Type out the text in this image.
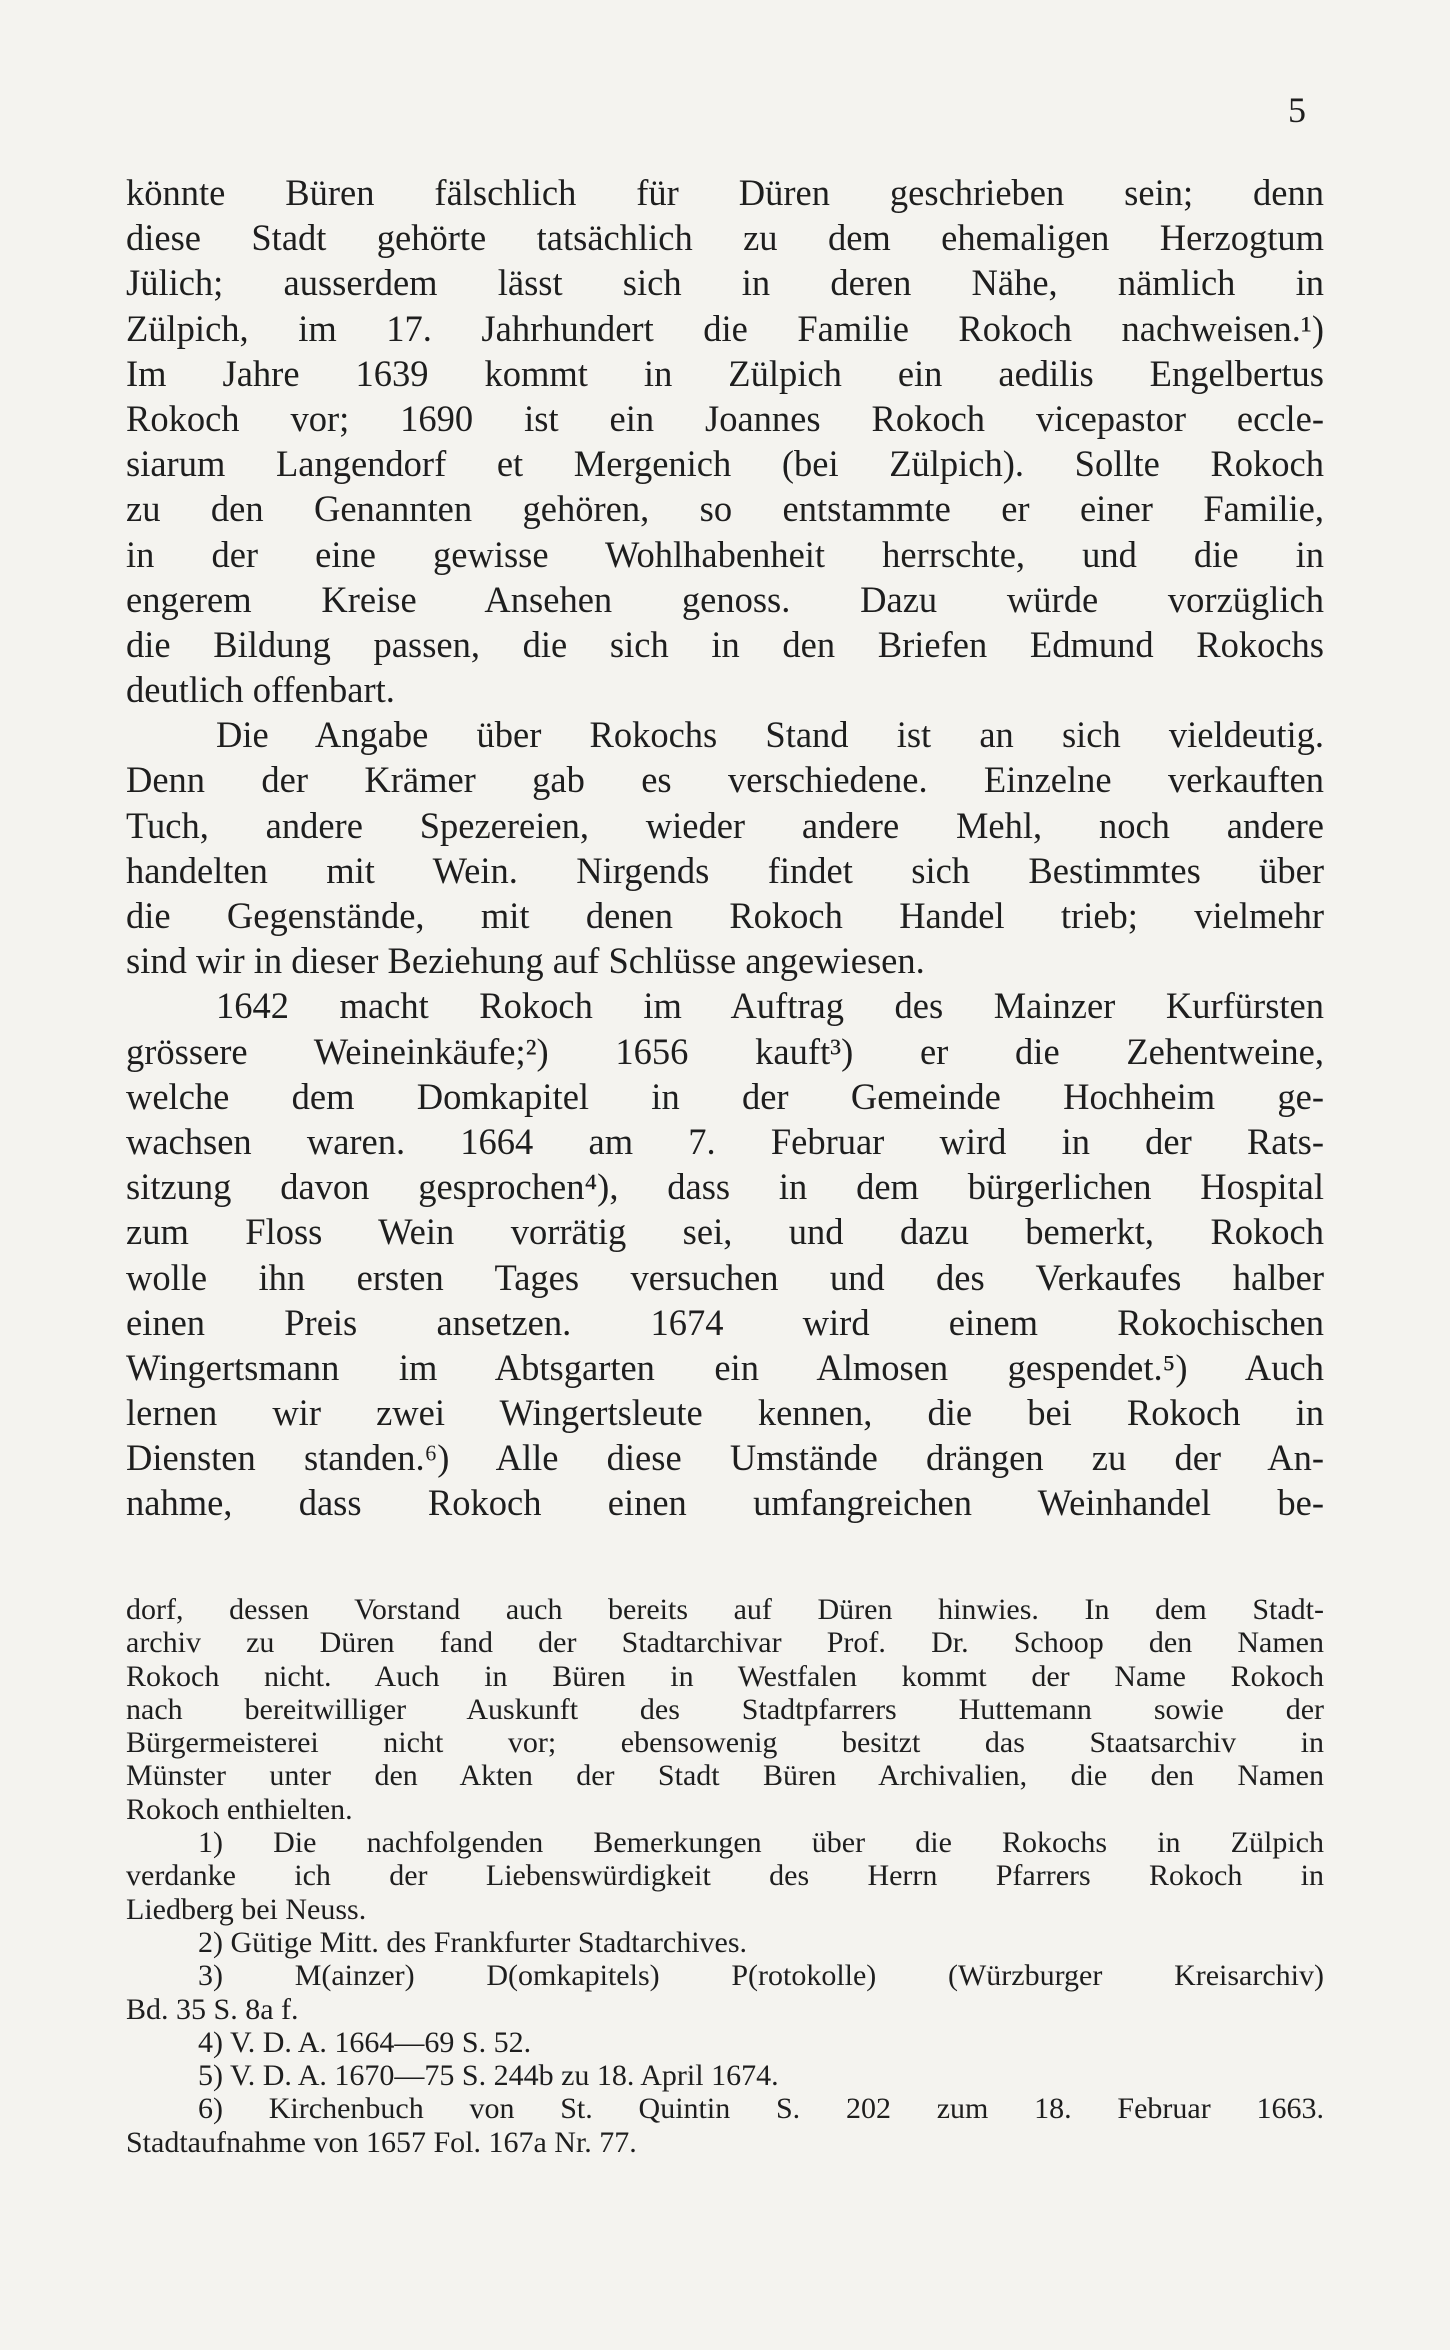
5
könnte Büren fälschlich für Düren geschrieben sein; denn
diese Stadt gehörte tatsächlich zu dem ehemaligen Herzogtum
Jülich; ausserdem lässt sich in deren Nähe, nämlich in
Zülpich, im 17. Jahrhundert die Familie Rokoch nachweisen.¹)
Im Jahre 1639 kommt in Zülpich ein aedilis Engelbertus
Rokoch vor; 1690 ist ein Joannes Rokoch vicepastor eccle-
siarum Langendorf et Mergenich (bei Zülpich). Sollte Rokoch
zu den Genannten gehören, so entstammte er einer Familie,
in der eine gewisse Wohlhabenheit herrschte, und die in
engerem Kreise Ansehen genoss. Dazu würde vorzüglich
die Bildung passen, die sich in den Briefen Edmund Rokochs
deutlich offenbart.
Die Angabe über Rokochs Stand ist an sich vieldeutig.
Denn der Krämer gab es verschiedene. Einzelne verkauften
Tuch, andere Spezereien, wieder andere Mehl, noch andere
handelten mit Wein. Nirgends findet sich Bestimmtes über
die Gegenstände, mit denen Rokoch Handel trieb; vielmehr
sind wir in dieser Beziehung auf Schlüsse angewiesen.
1642 macht Rokoch im Auftrag des Mainzer Kurfürsten
grössere Weineinkäufe;²) 1656 kauft³) er die Zehentweine,
welche dem Domkapitel in der Gemeinde Hochheim ge-
wachsen waren. 1664 am 7. Februar wird in der Rats-
sitzung davon gesprochen⁴), dass in dem bürgerlichen Hospital
zum Floss Wein vorrätig sei, und dazu bemerkt, Rokoch
wolle ihn ersten Tages versuchen und des Verkaufes halber
einen Preis ansetzen. 1674 wird einem Rokochischen
Wingertsmann im Abtsgarten ein Almosen gespendet.⁵) Auch
lernen wir zwei Wingertsleute kennen, die bei Rokoch in
Diensten standen.⁶) Alle diese Umstände drängen zu der An-
nahme, dass Rokoch einen umfangreichen Weinhandel be-
dorf, dessen Vorstand auch bereits auf Düren hinwies. In dem Stadt-
archiv zu Düren fand der Stadtarchivar Prof. Dr. Schoop den Namen
Rokoch nicht. Auch in Büren in Westfalen kommt der Name Rokoch
nach bereitwilliger Auskunft des Stadtpfarrers Huttemann sowie der
Bürgermeisterei nicht vor; ebensowenig besitzt das Staatsarchiv in
Münster unter den Akten der Stadt Büren Archivalien, die den Namen
Rokoch enthielten.
1) Die nachfolgenden Bemerkungen über die Rokochs in Zülpich
verdanke ich der Liebenswürdigkeit des Herrn Pfarrers Rokoch in
Liedberg bei Neuss.
2) Gütige Mitt. des Frankfurter Stadtarchives.
3) M(ainzer) D(omkapitels) P(rotokolle) (Würzburger Kreisarchiv)
Bd. 35 S. 8a f.
4) V. D. A. 1664—69 S. 52.
5) V. D. A. 1670—75 S. 244b zu 18. April 1674.
6) Kirchenbuch von St. Quintin S. 202 zum 18. Februar 1663.
Stadtaufnahme von 1657 Fol. 167a Nr. 77.
